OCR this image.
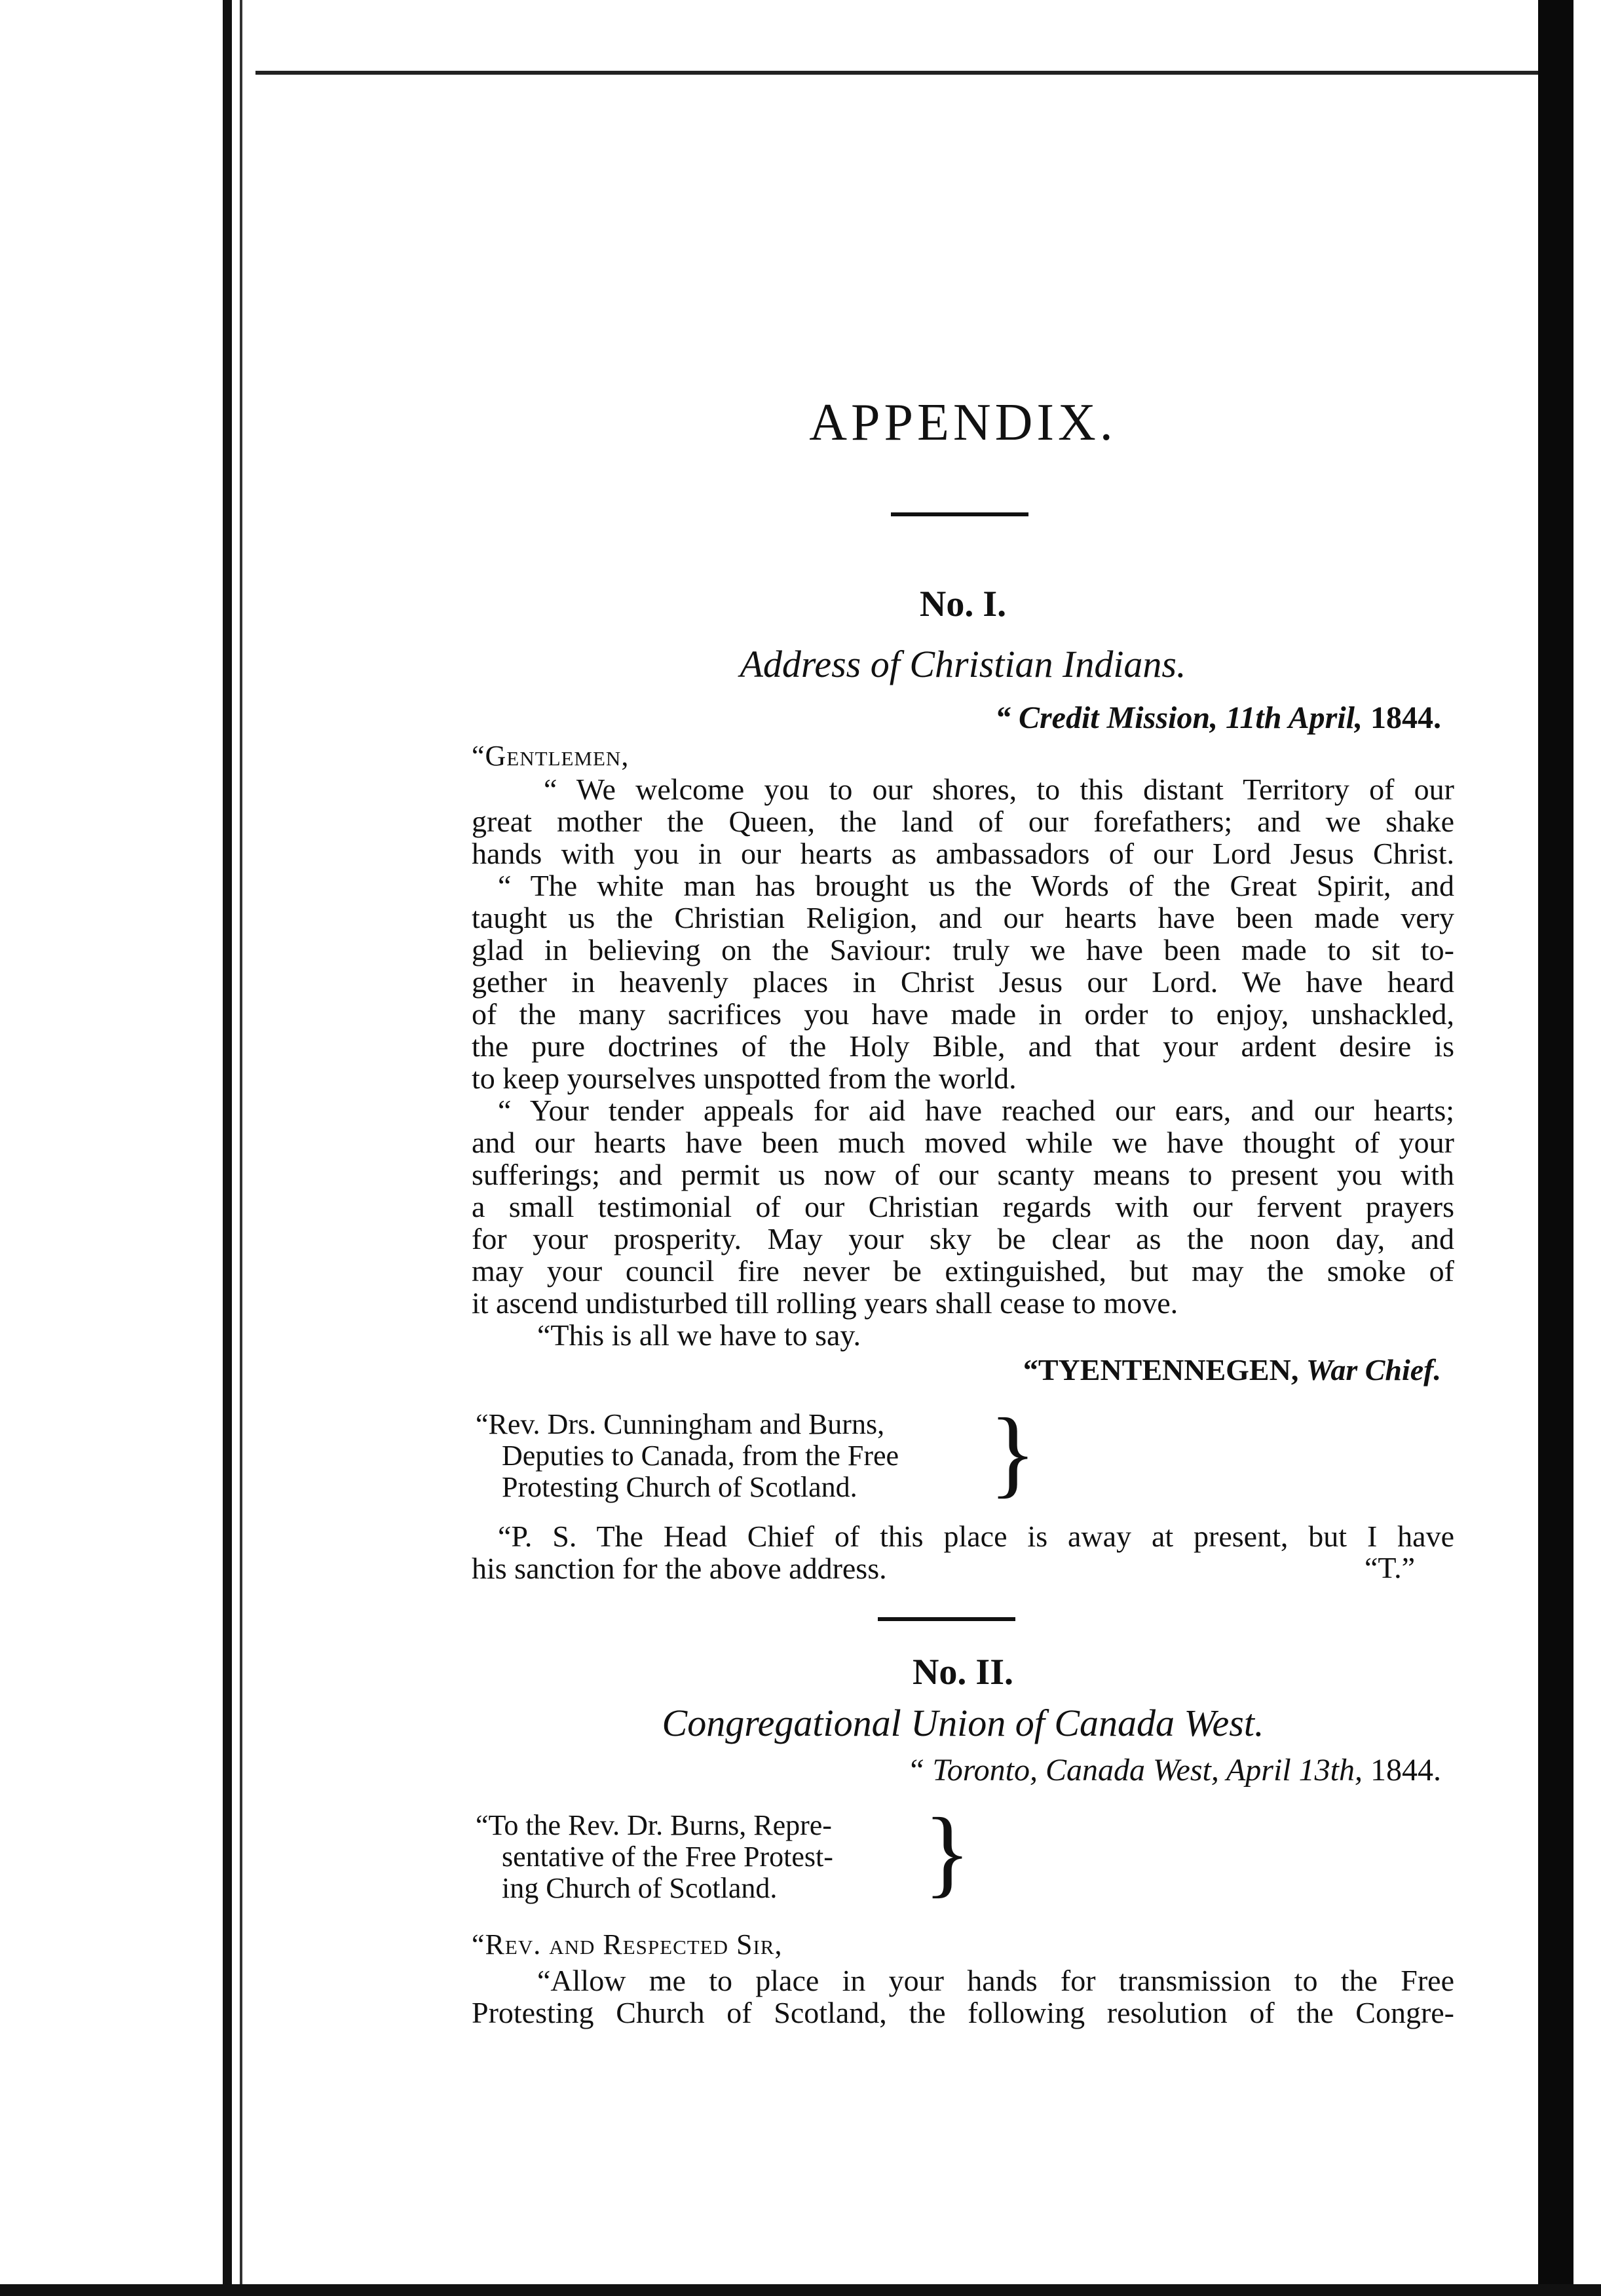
APPENDIX.
No. I.
Address of Christian Indians.
“ Credit Mission, 11th April, 1844.
“Gentlemen,
“ We welcome you to our shores, to this distant Territory of our
great mother the Queen, the land of our forefathers; and we shake
hands with you in our hearts as ambassadors of our Lord Jesus Christ.
“ The white man has brought us the Words of the Great Spirit, and
taught us the Christian Religion, and our hearts have been made very
glad in believing on the Saviour: truly we have been made to sit to-
gether in heavenly places in Christ Jesus our Lord. We have heard
of the many sacrifices you have made in order to enjoy, unshackled,
the pure doctrines of the Holy Bible, and that your ardent desire is
to keep yourselves unspotted from the world.
“ Your tender appeals for aid have reached our ears, and our hearts;
and our hearts have been much moved while we have thought of your
sufferings; and permit us now of our scanty means to present you with
a small testimonial of our Christian regards with our fervent prayers
for your prosperity. May your sky be clear as the noon day, and
may your council fire never be extinguished, but may the smoke of
it ascend undisturbed till rolling years shall cease to move.
“This is all we have to say.
“TYENTENNEGEN, War Chief.
“Rev. Drs. Cunningham and Burns,
Deputies to Canada, from the Free
Protesting Church of Scotland.	}
“P. S. The Head Chief of this place is away at present, but I have
his sanction for the above address.	“T.”
No. II.
Congregational Union of Canada West.
“ Toronto, Canada West, April 13th, 1844.
“To the Rev. Dr. Burns, Repre-
sentative of the Free Protest-
ing Church of Scotland.	}
“Rev. and Respected Sir,
“Allow me to place in your hands for transmission to the Free
Protesting Church of Scotland, the following resolution of the Congre-
